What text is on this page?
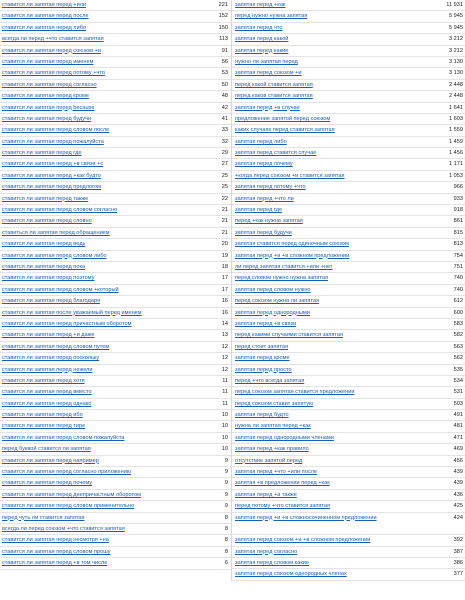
ставится ли запятая перед +или	221
ставится ли запятая перед после	152
ставится ли запятая перед либо	150
всегда ли перед +что ставится запятая	113
ставится ли запятая перед союзом +и	91
ставится ли запятая перед именем	56
ставится ли запятая перед потому +что	53
ставится ли запятая перед согласно	50
ставится ли запятая перед кроме	48
ставится ли запятая перед because	42
ставится ли запятая перед будучи	41
ставится ли запятая перед словом после	33
ставится ли запятая перед пожалуйста	32
ставится ли запятая перед где	29
ставится ли запятая перед +в связи +с	27
ставится ли запятая перед +как будто	25
ставится ли запятая перед предлогом	25
ставится ли запятая перед также	22
ставится ли запятая перед словом согласно	21
ставится ли запятая перед словно	21
ставиться ли запятая перед обращением	21
ставится ли запятая перед ведь	20
ставится ли запятая перед словом либо	19
ставится ли запятая перед пока	18
ставится ли запятая перед поэтому	17
ставится ли запятая перед словом +который	17
ставится ли запятая перед благодаря	16
ставится ли запятая после уважаемый перед именем	16
ставится ли запятая перед причастным оборотом	14
ставится ли запятая перед +и даже	13
ставится ли запятая перед словом путем	12
ставится ли запятая перед поскольку	12
ставится ли запятая перед нежели	12
ставится ли запятая перед хотя	11
ставится ли запятая перед вместо	11
ставится ли запятая перед однако	11
ставится ли запятая перед ибо	10
ставится ли запятая перед тире	10
ставится ли запятая перед словом пожалуйста	10
перед буквой ставится ли запятая	10
ставится ли запятая перед например	9
ставится ли запятая перед согласно приложению	9
ставится ли запятая перед почему	9
ставится ли запятая перед деепричастным оборотом	9
ставится ли запятая перед словом применительно	9
перед чуть ли ставится запятая	8
всегда ли перед союзом +что ставится запятая	8
ставится ли запятая перед несмотря +на	8
ставится ли запятая перед словом прошу	8
ставится ли запятая перед +в том числе	6
запятая перед +как	11 931
перед нужно нужна запятая	5 945
запятая перед что	5 945
запятая перед какой	3 212
запятая перед какие	3 212
нужно ли запятая перед	3 130
запятая перед союзом +и	3 130
перед какой ставится запятая	2 448
перед каков ставится запятая	2 448
запятая перед +в случае	1 641
предложение запятой перед союзом	1 603
каких случаях перед ставится запятая	1 559
запятая перед либо	1 459
запятая перед ставится случае	1 456
запятая перед почему	1 171
+когда перед союзом +и ставится запятая	1 053
запятая перед потому +что	966
запятая перед +что ли	933
запятая перед где	918
перед +как нужна запятая	861
запятая перед будучи	815
запятая ставится перед одиночным союзом	813
запятая перед +и +в сложном предложении	754
ли перед запятая ставится +или +нет	751
перед словом нужно нужна запятая	740
запятая перед словом нужно	740
перед союзом нужна ли запятая	612
запятая перед однородными	600
запятая перед +в связи	583
перед какими случаями ставится запятая	582
перед стоит запятая	563
запятая перед кроме	562
запятая перед просто	535
перед +что всегда запятая	534
перед союзом запятая ставится предложении	531
перед союзом ставит запятую	503
запятая перед будто	491
нужна ли запятая перед +как	481
запятая перед однородными членами	471
запятая перед +как правило	469
отсутствие запятой перед	456
запятая перед +что +или после	439
запятая +в предложении перед +как	439
запятая перед +а также	436
перед потому +что ставится запятая	425
запятая перед +и +в сложносочиненном предложении	424
запятая перед союзом +и +в сложном предложении	392
запятая перед согласно	387
запятая перед словом какие	386
запятая перед союзом однородных членах	377
